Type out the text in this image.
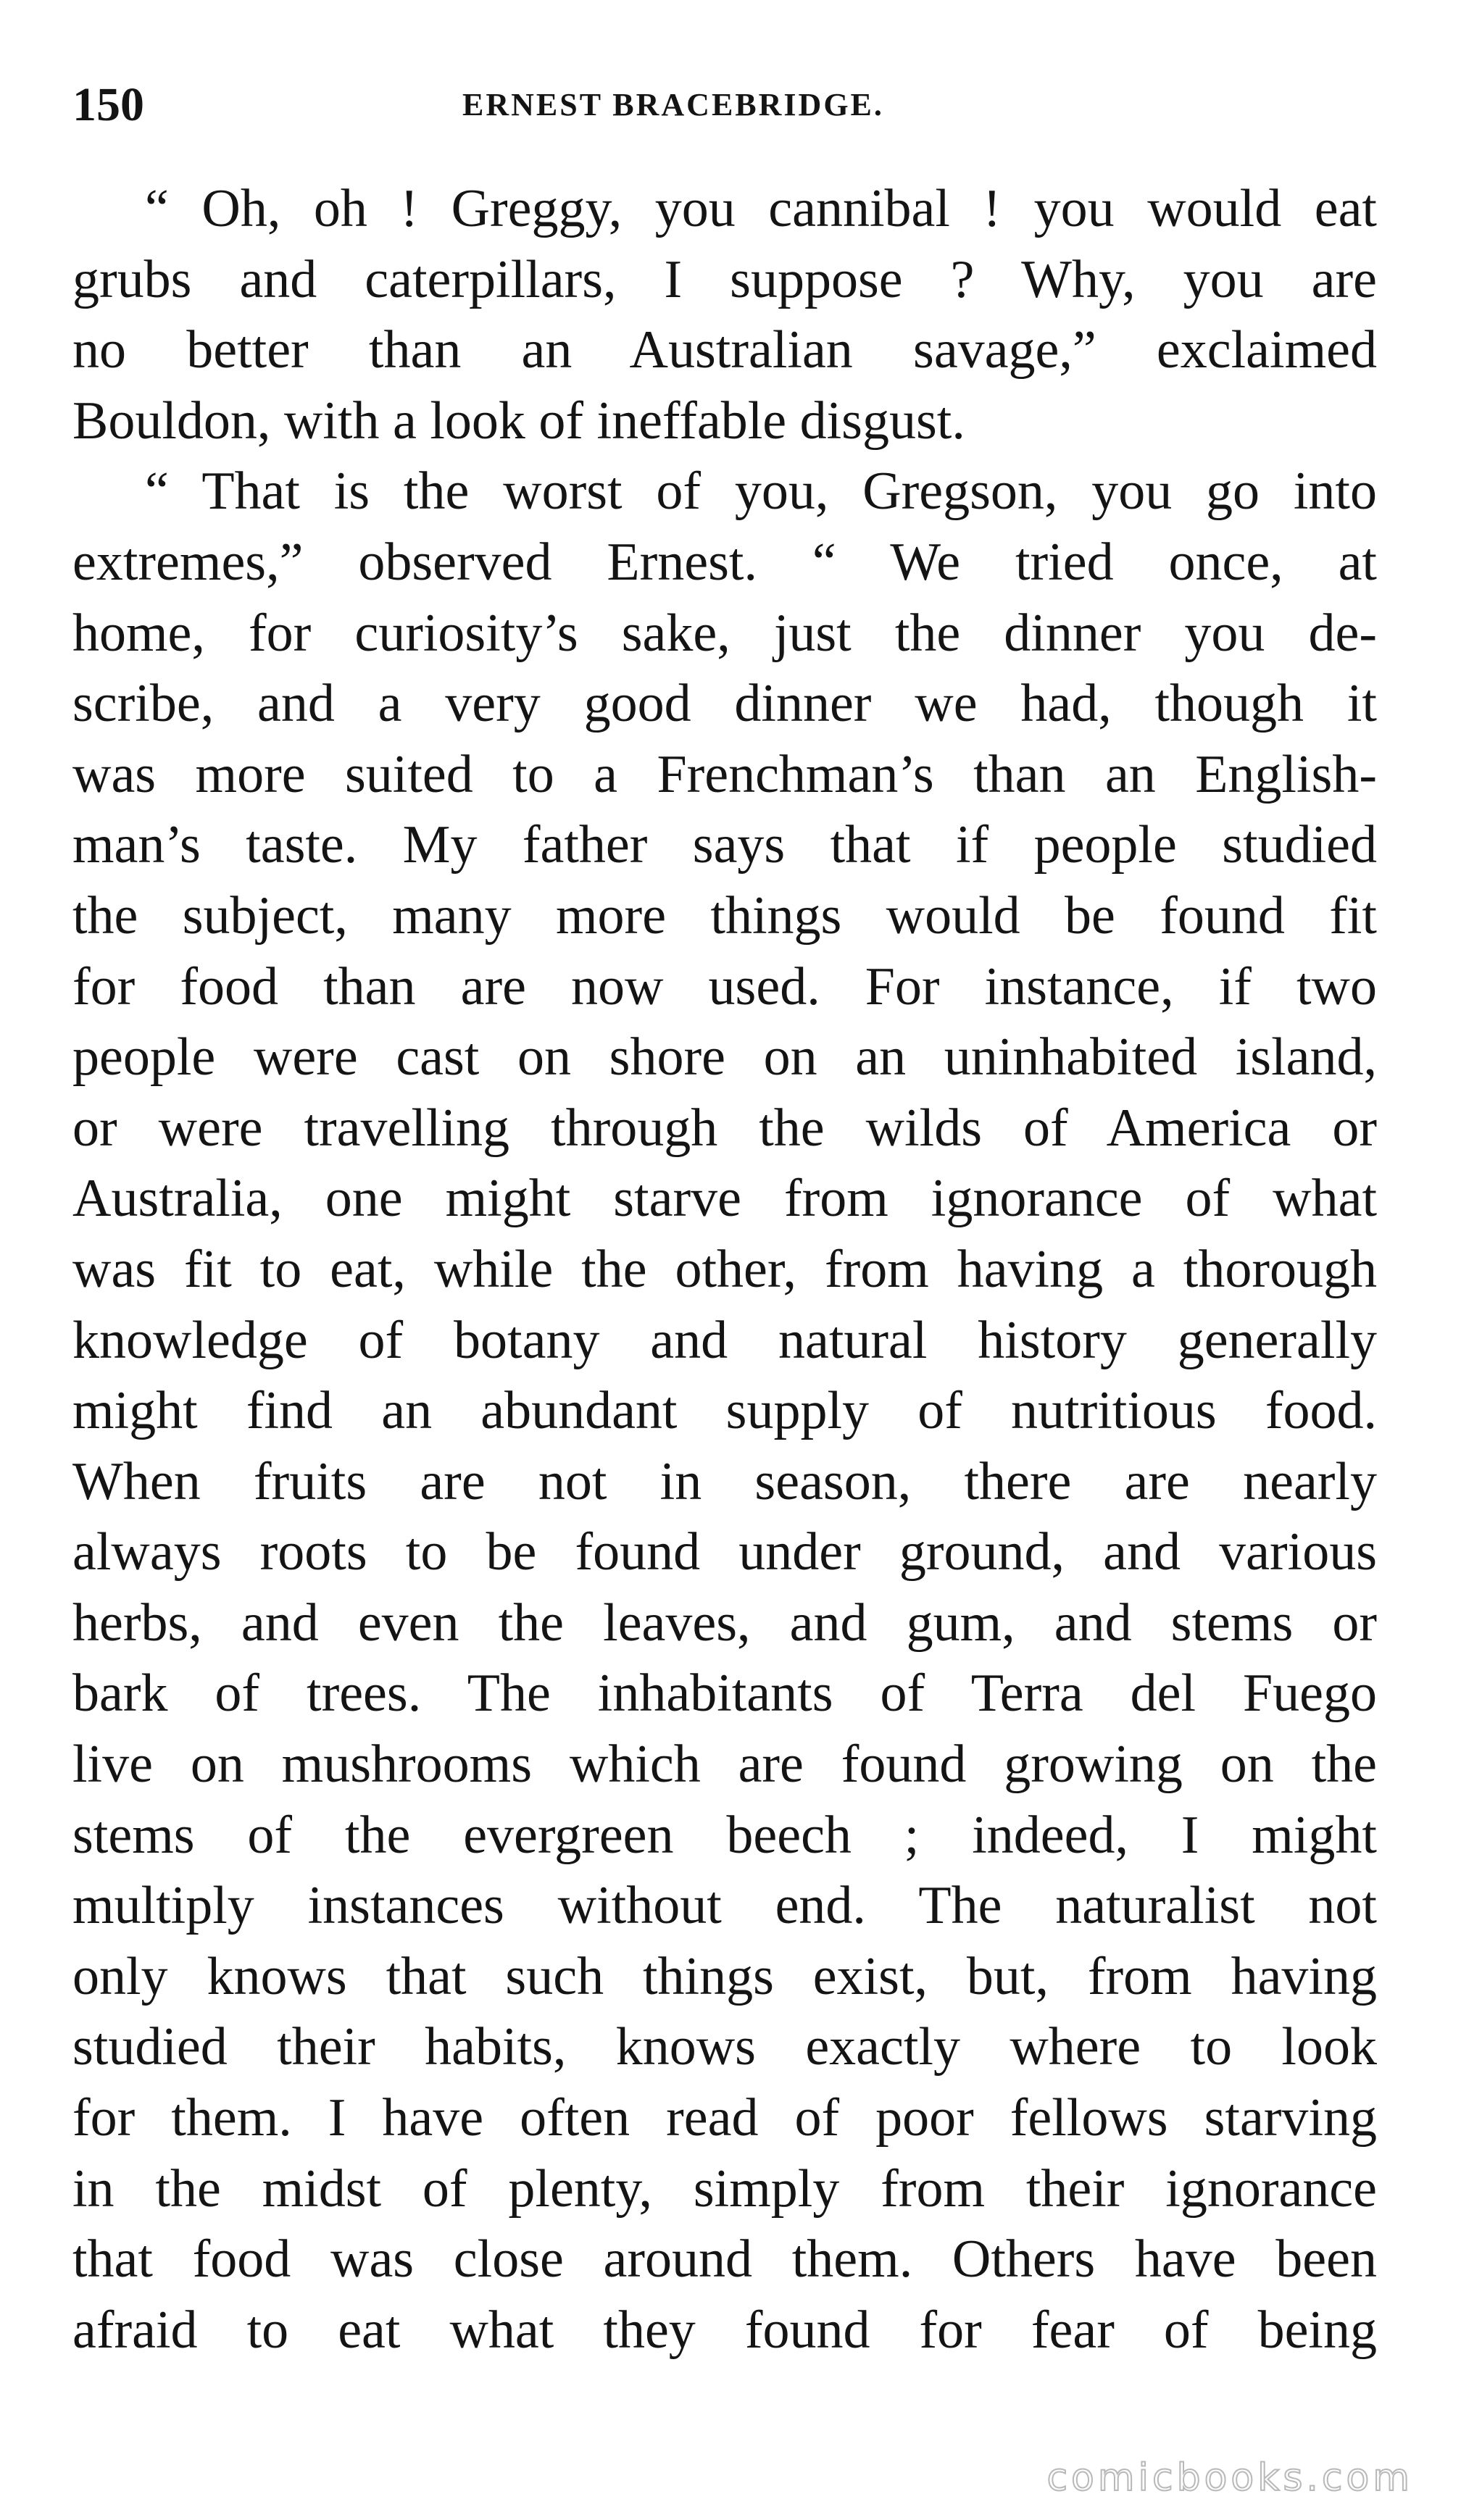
150	ERNEST BRACEBRIDGE.
“ Oh, oh ! Greggy, you cannibal ! you would eat
grubs and caterpillars, I suppose ? Why, you are
no better than an Australian savage,” exclaimed
Bouldon, with a look of ineffable disgust.
“ That is the worst of you, Gregson, you go into
extremes,” observed Ernest. “ We tried once, at
home, for curiosity’s sake, just the dinner you de-
scribe, and a very good dinner we had, though it
was more suited to a Frenchman’s than an English-
man’s taste. My father says that if people studied
the subject, many more things would be found fit
for food than are now used. For instance, if two
people were cast on shore on an uninhabited island,
or were travelling through the wilds of America or
Australia, one might starve from ignorance of what
was fit to eat, while the other, from having a thorough
knowledge of botany and natural history generally
might find an abundant supply of nutritious food.
When fruits are not in season, there are nearly
always roots to be found under ground, and various
herbs, and even the leaves, and gum, and stems or
bark of trees. The inhabitants of Terra del Fuego
live on mushrooms which are found growing on the
stems of the evergreen beech ; indeed, I might
multiply instances without end. The naturalist not
only knows that such things exist, but, from having
studied their habits, knows exactly where to look
for them. I have often read of poor fellows starving
in the midst of plenty, simply from their ignorance
that food was close around them. Others have been
afraid to eat what they found for fear of being
comicbooks.com
